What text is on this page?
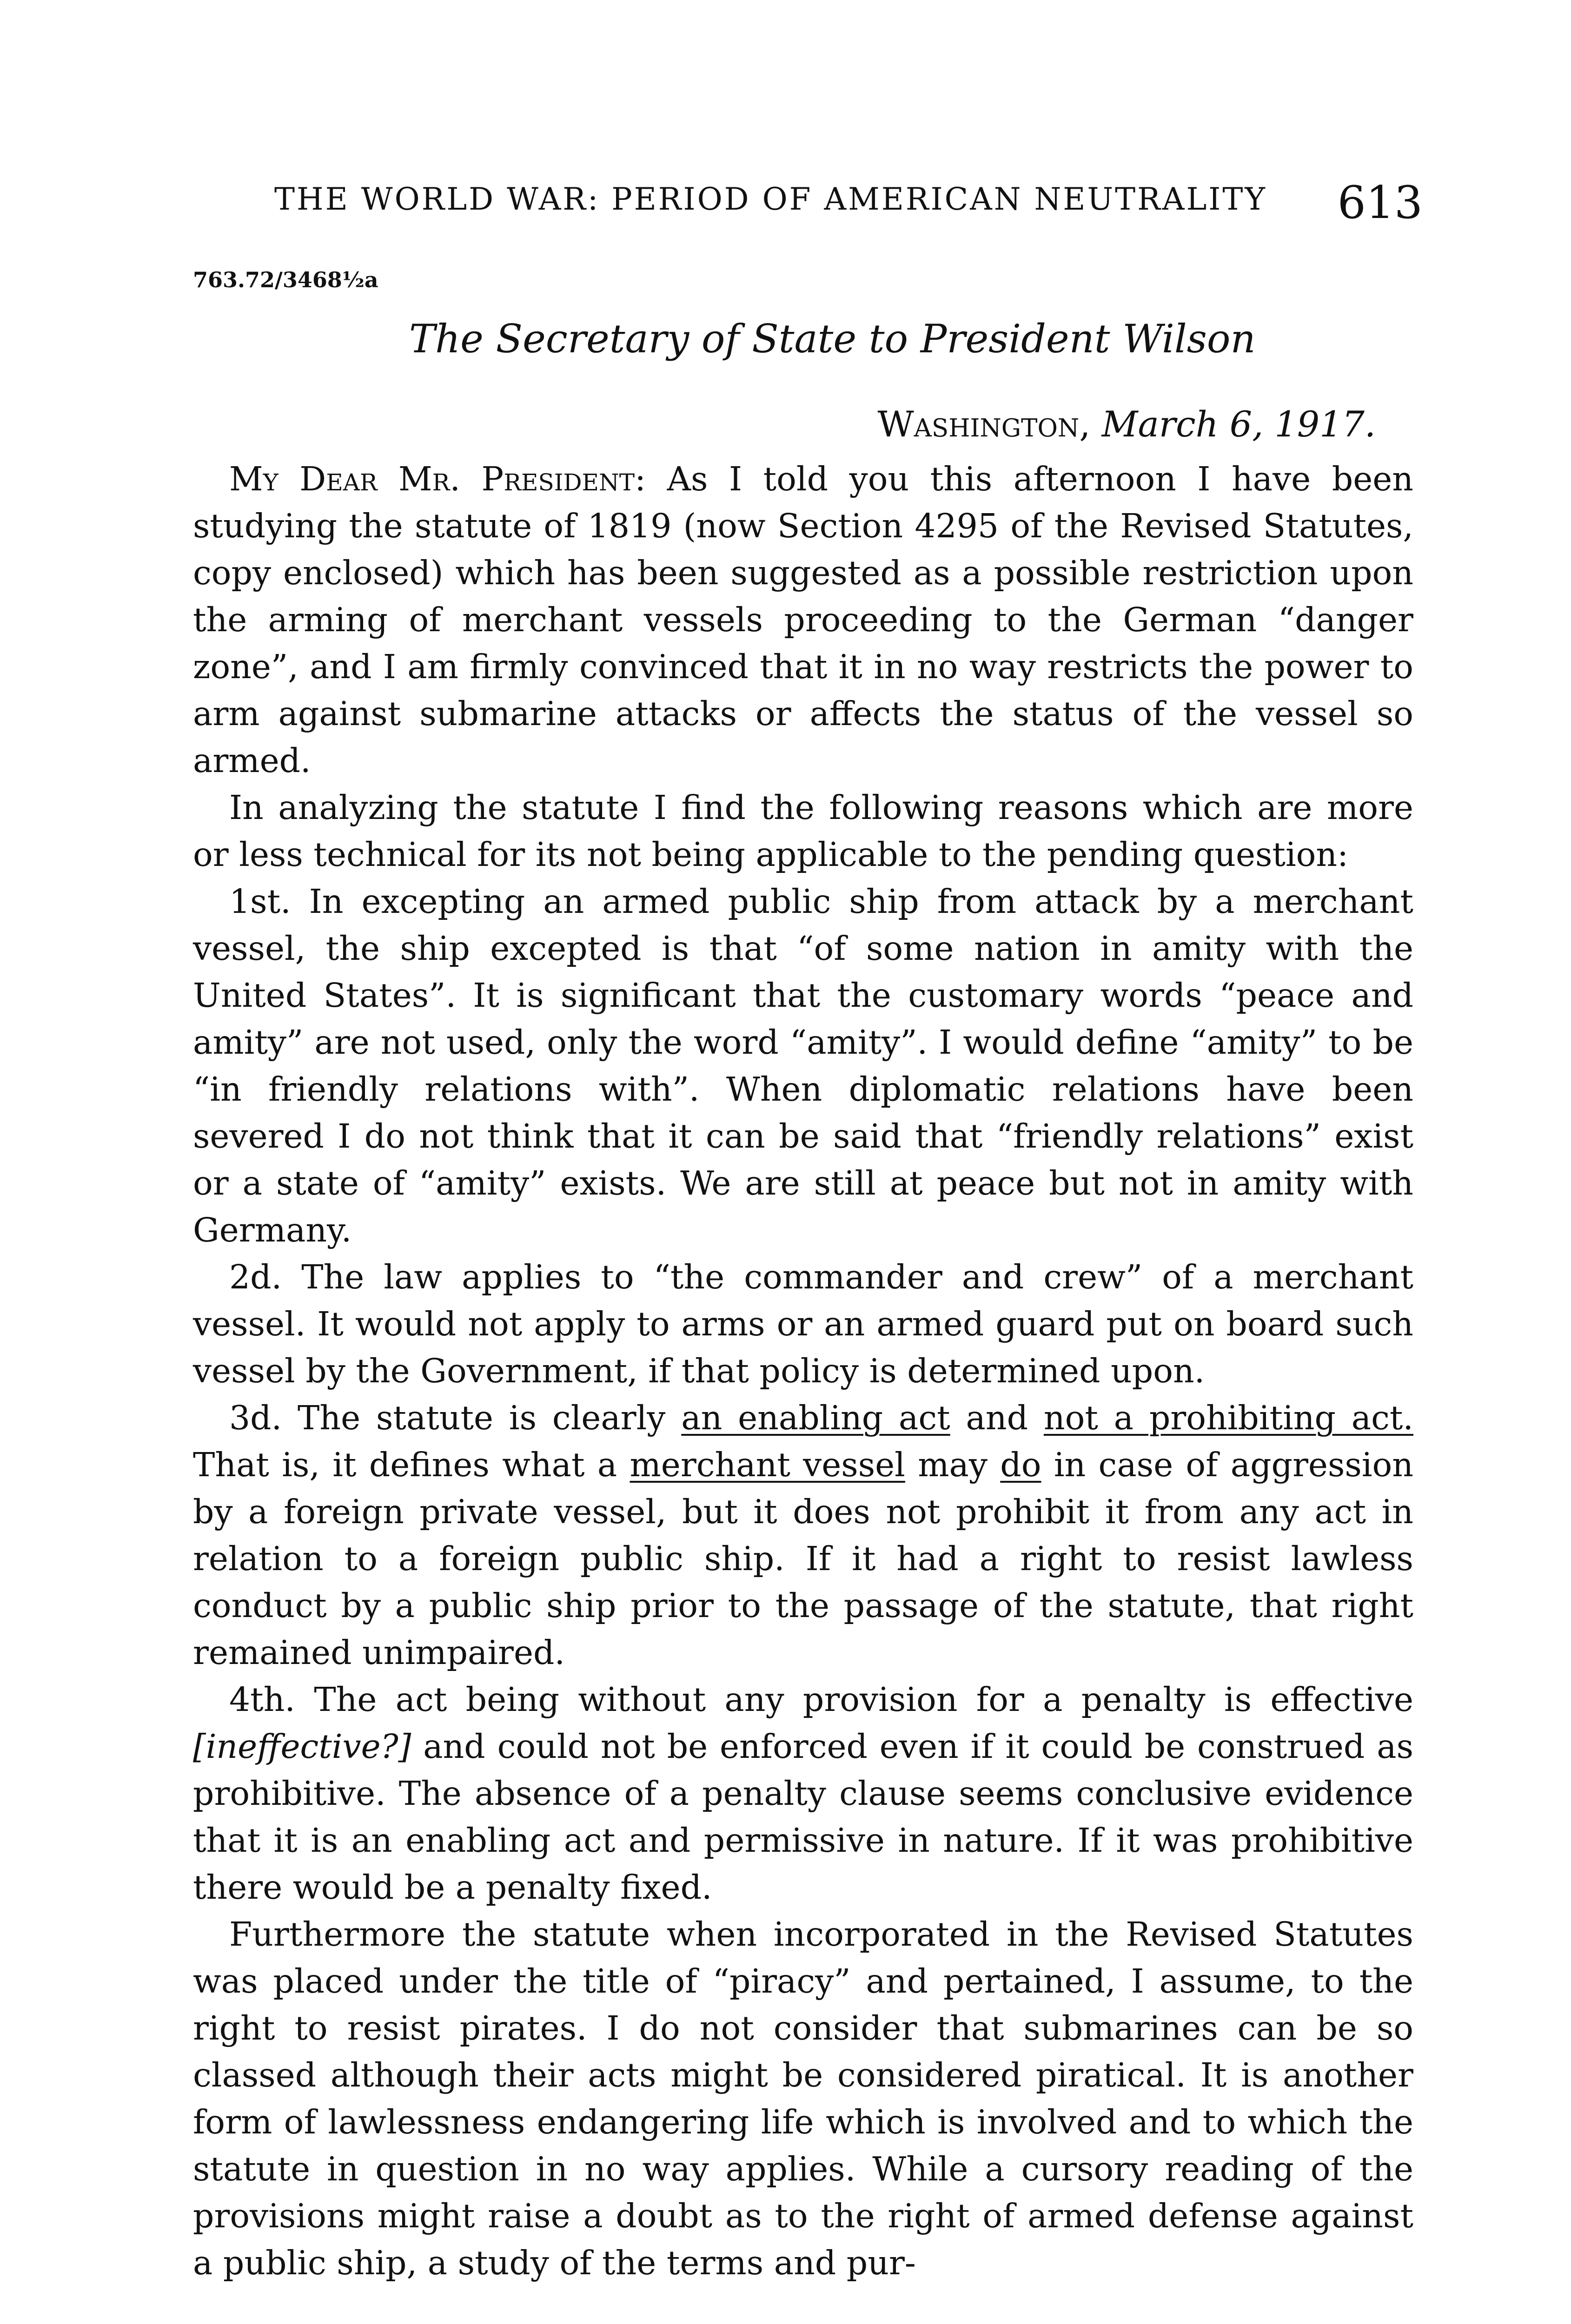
THE WORLD WAR: PERIOD OF AMERICAN NEUTRALITY 613
763.72/3468½a
The Secretary of State to President Wilson
Washington, March 6, 1917.

My Dear Mr. President: As I told you this afternoon I have been studying the statute of 1819 (now Section 4295 of the Revised Statutes, copy enclosed) which has been suggested as a possible restriction upon the arming of merchant vessels proceeding to the German “danger zone”, and I am firmly convinced that it in no way restricts the power to arm against submarine attacks or affects the status of the vessel so armed.

In analyzing the statute I find the following reasons which are more or less technical for its not being applicable to the pending question:

1st. In excepting an armed public ship from attack by a merchant vessel, the ship excepted is that “of some nation in amity with the United States”. It is significant that the customary words “peace and amity” are not used, only the word “amity”. I would define “amity” to be “in friendly relations with”. When diplomatic relations have been severed I do not think that it can be said that “friendly relations” exist or a state of “amity” exists. We are still at peace but not in amity with Germany.

2d. The law applies to “the commander and crew” of a merchant vessel. It would not apply to arms or an armed guard put on board such vessel by the Government, if that policy is determined upon.

3d. The statute is clearly an enabling act and not a prohibiting act. That is, it defines what a merchant vessel may do in case of aggression by a foreign private vessel, but it does not prohibit it from any act in relation to a foreign public ship. If it had a right to resist lawless conduct by a public ship prior to the passage of the statute, that right remained unimpaired.

4th. The act being without any provision for a penalty is effective [ineffective?] and could not be enforced even if it could be construed as prohibitive. The absence of a penalty clause seems conclusive evidence that it is an enabling act and permissive in nature. If it was prohibitive there would be a penalty fixed.

Furthermore the statute when incorporated in the Revised Statutes was placed under the title of “piracy” and pertained, I assume, to the right to resist pirates. I do not consider that submarines can be so classed although their acts might be considered piratical. It is another form of lawlessness endangering life which is involved and to which the statute in question in no way applies. While a cursory reading of the provisions might raise a doubt as to the right of armed defense against a public ship, a study of the terms and pur-
